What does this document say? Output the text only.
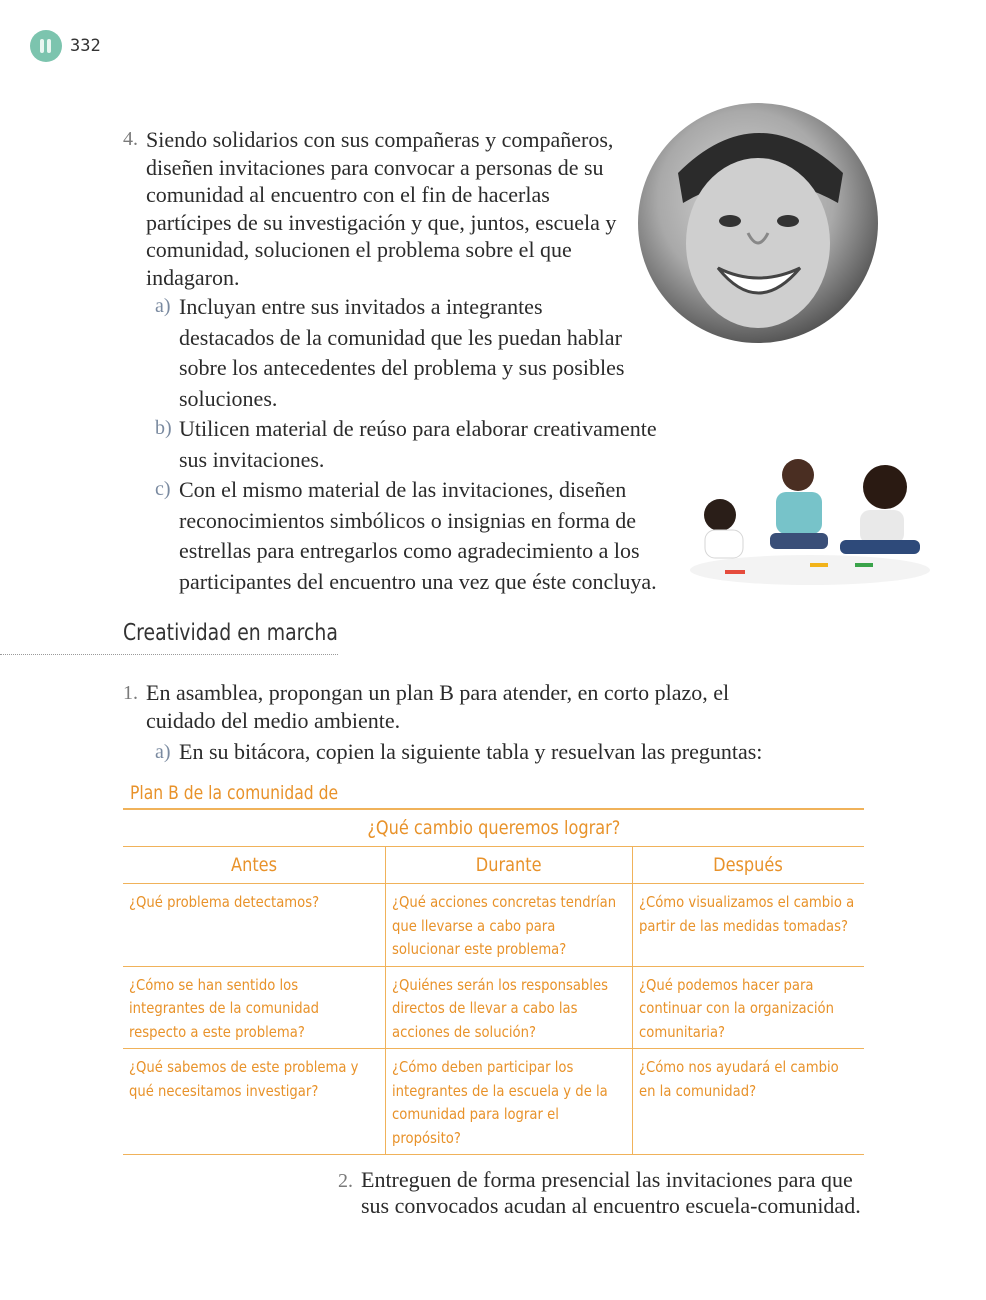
332
4. Siendo solidarios con sus compañeras y compañeros, diseñen invitaciones para convocar a personas de su comunidad al encuentro con el fin de hacerlas partícipes de su investigación y que, juntos, escuela y comunidad, solucionen el problema sobre el que indagaron.
a) Incluyan entre sus invitados a integrantes destacados de la comunidad que les puedan hablar sobre los antecedentes del problema y sus posibles soluciones.
b) Utilicen material de reúso para elaborar creativamente sus invitaciones.
c) Con el mismo material de las invitaciones, diseñen reconocimientos simbólicos o insignias en forma de estrellas para entregarlos como agradecimiento a los participantes del encuentro una vez que éste concluya.
Creatividad en marcha
1. En asamblea, propongan un plan B para atender, en corto plazo, el cuidado del medio ambiente.
a) En su bitácora, copien la siguiente tabla y resuelvan las preguntas:
Plan B de la comunidad de
¿Qué cambio queremos lograr?		
Antes	Durante	Después

¿Qué problema detectamos?	¿Qué acciones concretas tendrían que llevarse a cabo para solucionar este problema?	¿Cómo visualizamos el cambio a partir de las medidas tomadas?

¿Cómo se han sentido los integrantes de la comunidad respecto a este problema?	¿Quiénes serán los responsables directos de llevar a cabo las acciones de solución?	¿Qué podemos hacer para continuar con la organización comunitaria?

¿Qué sabemos de este problema y qué necesitamos investigar?	¿Cómo deben participar los integrantes de la escuela y de la comunidad para lograr el propósito?	¿Cómo nos ayudará el cambio en la comunidad?
2. Entreguen de forma presencial las invitaciones para que sus convocados acudan al encuentro escuela-comunidad.
